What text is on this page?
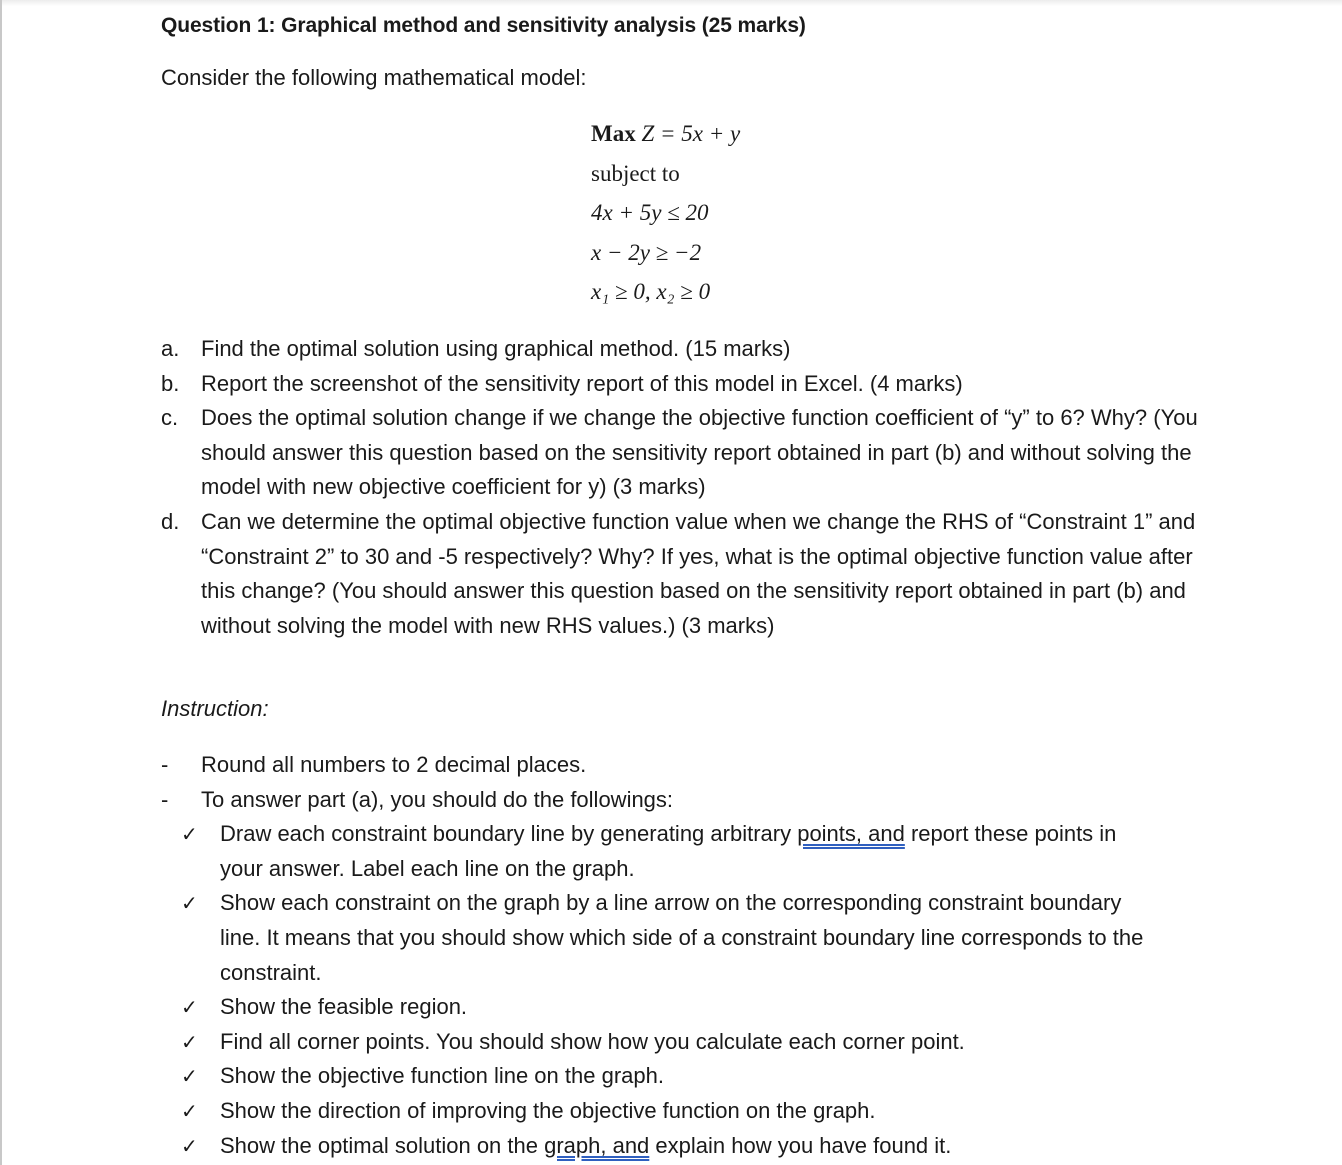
Question 1: Graphical method and sensitivity analysis (25 marks)
Consider the following mathematical model:
Max Z = 5x + y
subject to
4x + 5y ≤ 20
x − 2y ≥ −2
x₁ ≥ 0, x₂ ≥ 0
a. Find the optimal solution using graphical method. (15 marks)
b. Report the screenshot of the sensitivity report of this model in Excel. (4 marks)
c. Does the optimal solution change if we change the objective function coefficient of “y” to 6? Why? (You should answer this question based on the sensitivity report obtained in part (b) and without solving the model with new objective coefficient for y) (3 marks)
d. Can we determine the optimal objective function value when we change the RHS of “Constraint 1” and “Constraint 2” to 30 and -5 respectively? Why? If yes, what is the optimal objective function value after this change? (You should answer this question based on the sensitivity report obtained in part (b) and without solving the model with new RHS values.) (3 marks)
Instruction:
- Round all numbers to 2 decimal places.
- To answer part (a), you should do the followings:
✓ Draw each constraint boundary line by generating arbitrary points, and report these points in your answer. Label each line on the graph.
✓ Show each constraint on the graph by a line arrow on the corresponding constraint boundary line. It means that you should show which side of a constraint boundary line corresponds to the constraint.
✓ Show the feasible region.
✓ Find all corner points. You should show how you calculate each corner point.
✓ Show the objective function line on the graph.
✓ Show the direction of improving the objective function on the graph.
✓ Show the optimal solution on the graph, and explain how you have found it.
